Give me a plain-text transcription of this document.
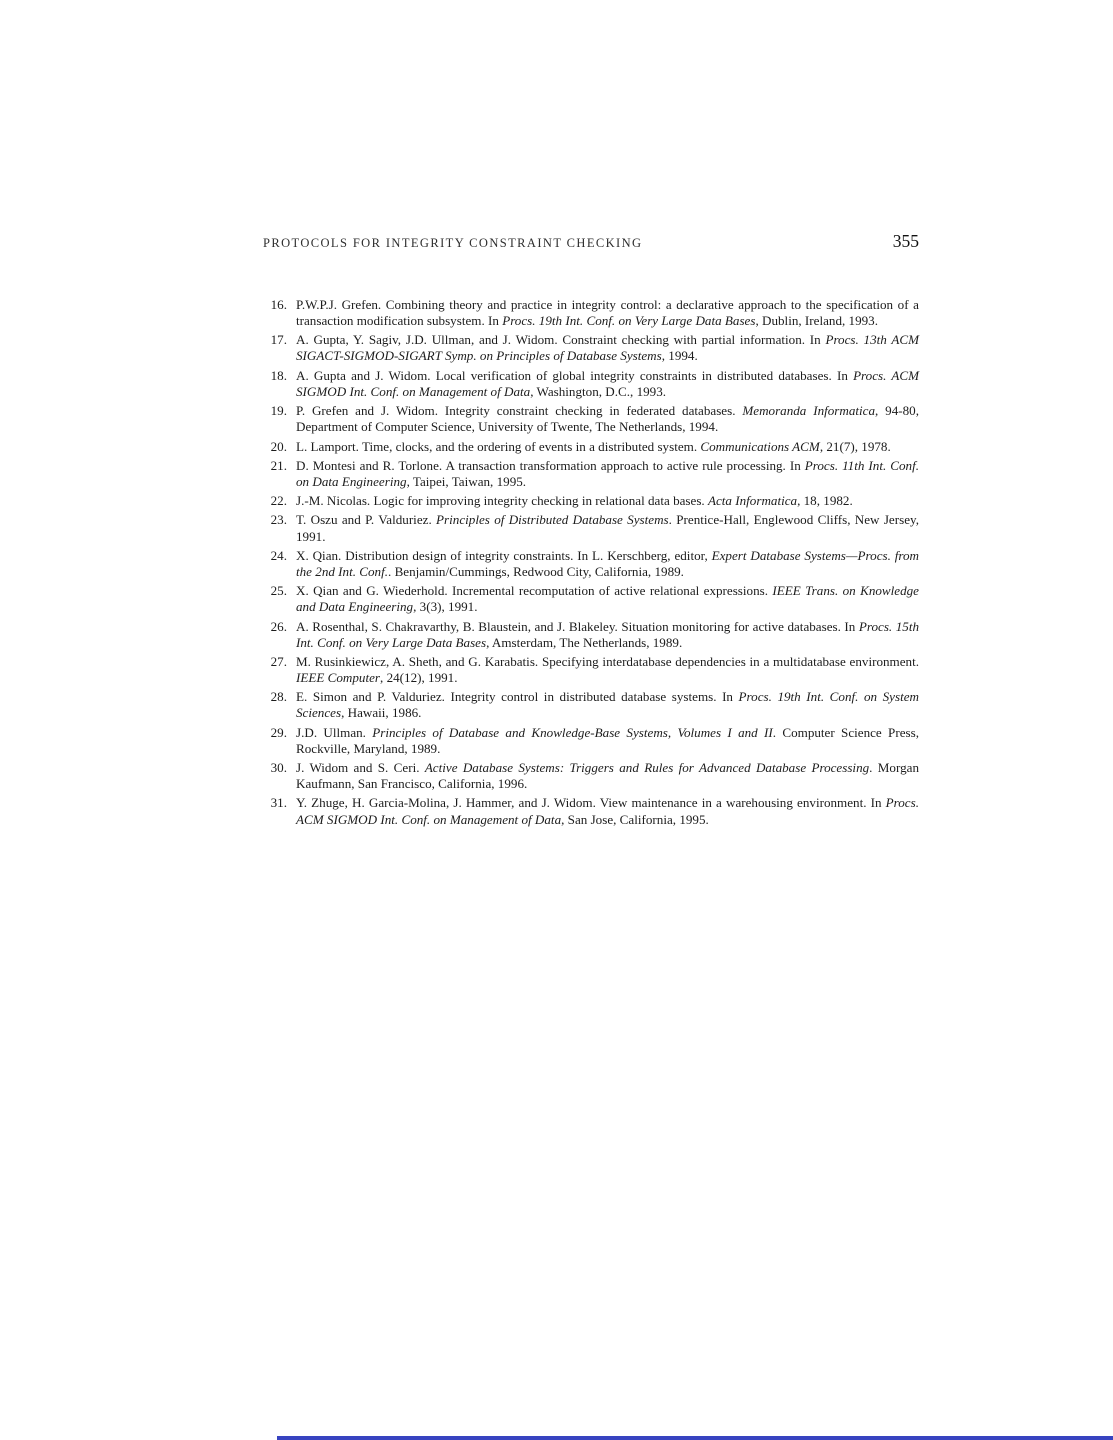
PROTOCOLS FOR INTEGRITY CONSTRAINT CHECKING	355
16. P.W.P.J. Grefen. Combining theory and practice in integrity control: a declarative approach to the specification of a transaction modification subsystem. In Procs. 19th Int. Conf. on Very Large Data Bases, Dublin, Ireland, 1993.
17. A. Gupta, Y. Sagiv, J.D. Ullman, and J. Widom. Constraint checking with partial information. In Procs. 13th ACM SIGACT-SIGMOD-SIGART Symp. on Principles of Database Systems, 1994.
18. A. Gupta and J. Widom. Local verification of global integrity constraints in distributed databases. In Procs. ACM SIGMOD Int. Conf. on Management of Data, Washington, D.C., 1993.
19. P. Grefen and J. Widom. Integrity constraint checking in federated databases. Memoranda Informatica, 94-80, Department of Computer Science, University of Twente, The Netherlands, 1994.
20. L. Lamport. Time, clocks, and the ordering of events in a distributed system. Communications ACM, 21(7), 1978.
21. D. Montesi and R. Torlone. A transaction transformation approach to active rule processing. In Procs. 11th Int. Conf. on Data Engineering, Taipei, Taiwan, 1995.
22. J.-M. Nicolas. Logic for improving integrity checking in relational data bases. Acta Informatica, 18, 1982.
23. T. Oszu and P. Valduriez. Principles of Distributed Database Systems. Prentice-Hall, Englewood Cliffs, New Jersey, 1991.
24. X. Qian. Distribution design of integrity constraints. In L. Kerschberg, editor, Expert Database Systems—Procs. from the 2nd Int. Conf.. Benjamin/Cummings, Redwood City, California, 1989.
25. X. Qian and G. Wiederhold. Incremental recomputation of active relational expressions. IEEE Trans. on Knowledge and Data Engineering, 3(3), 1991.
26. A. Rosenthal, S. Chakravarthy, B. Blaustein, and J. Blakeley. Situation monitoring for active databases. In Procs. 15th Int. Conf. on Very Large Data Bases, Amsterdam, The Netherlands, 1989.
27. M. Rusinkiewicz, A. Sheth, and G. Karabatis. Specifying interdatabase dependencies in a multidatabase environment. IEEE Computer, 24(12), 1991.
28. E. Simon and P. Valduriez. Integrity control in distributed database systems. In Procs. 19th Int. Conf. on System Sciences, Hawaii, 1986.
29. J.D. Ullman. Principles of Database and Knowledge-Base Systems, Volumes I and II. Computer Science Press, Rockville, Maryland, 1989.
30. J. Widom and S. Ceri. Active Database Systems: Triggers and Rules for Advanced Database Processing. Morgan Kaufmann, San Francisco, California, 1996.
31. Y. Zhuge, H. Garcia-Molina, J. Hammer, and J. Widom. View maintenance in a warehousing environment. In Procs. ACM SIGMOD Int. Conf. on Management of Data, San Jose, California, 1995.
